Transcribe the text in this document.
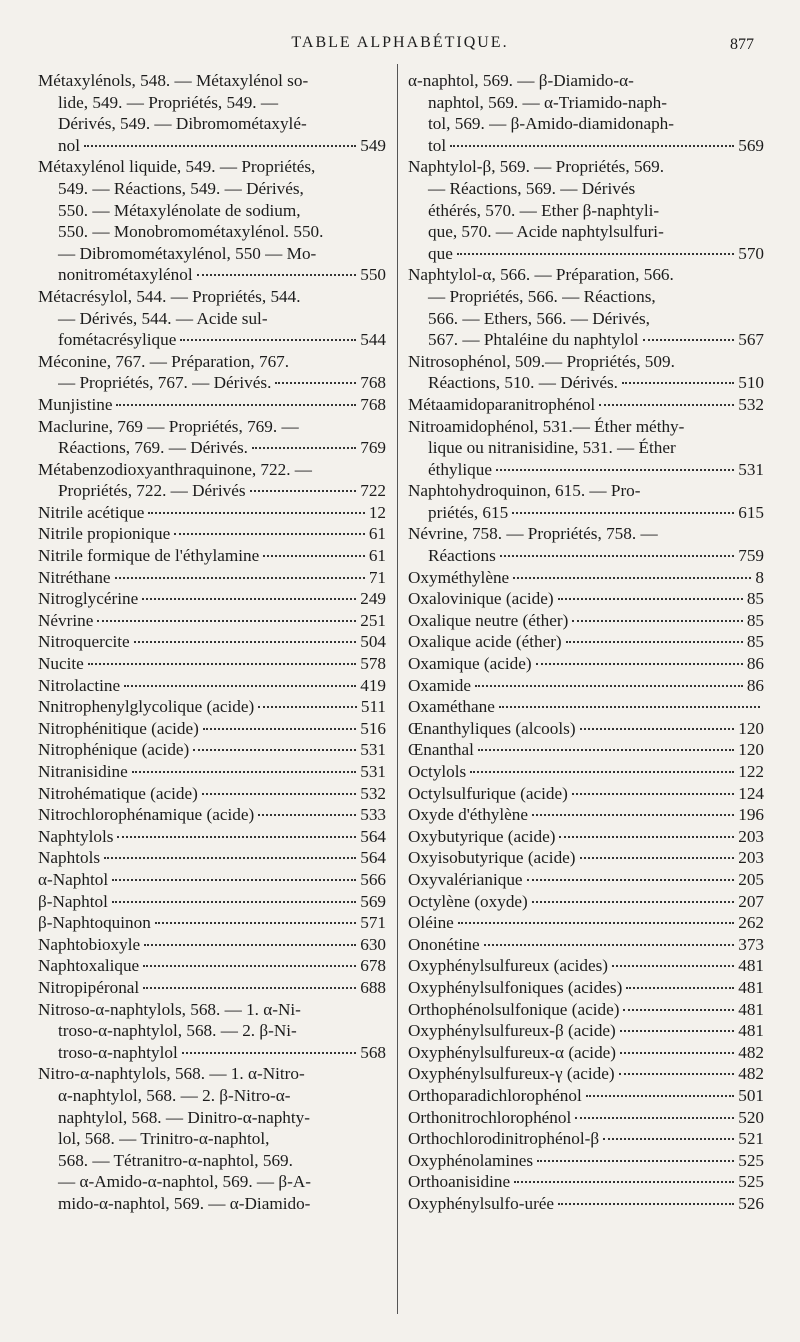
TABLE ALPHABÉTIQUE.	877
Métaxylénols, 548. — Métaxylénol so-
lide, 549. — Propriétés, 549. —
Dérivés, 549. — Dibromométaxylé-
nol	549
Métaxylénol liquide, 549. — Propriétés,
549. — Réactions, 549. — Dérivés,
550. — Métaxylénolate de sodium,
550. — Monobromométaxylénol. 550.
— Dibromométaxylénol, 550 — Mo-
nonitrométaxylénol	550
Métacrésylol, 544. — Propriétés, 544.
— Dérivés, 544. — Acide sul-
fométacrésylique	544
Méconine, 767. — Préparation, 767.
— Propriétés, 767. — Dérivés.	768
Munjistine	768
Maclurine, 769 — Propriétés, 769. —
Réactions, 769. — Dérivés.	769
Métabenzodioxyanthraquinone, 722. —
Propriétés, 722. — Dérivés	722
Nitrile acétique	12
Nitrile propionique	61
Nitrile formique de l'éthylamine	61
Nitréthane	71
Nitroglycérine	249
Névrine	251
Nitroquercite	504
Nucite	578
Nitrolactine	419
Nnitrophenylglycolique (acide)	511
Nitrophénitique (acide)	516
Nitrophénique (acide)	531
Nitranisidine	531
Nitrohématique (acide)	532
Nitrochlorophénamique (acide)	533
Naphtylols	564
Naphtols	564
α-Naphtol	566
β-Naphtol	569
β-Naphtoquinon	571
Naphtobioxyle	630
Naphtoxalique	678
Nitropipéronal	688
Nitroso-α-naphtylols, 568. — 1. α-Ni-
troso-α-naphtylol, 568. — 2. β-Ni-
troso-α-naphtylol	568
Nitro-α-naphtylols, 568. — 1. α-Nitro-
α-naphtylol, 568. — 2. β-Nitro-α-
naphtylol, 568. — Dinitro-α-naphty-
lol, 568. — Trinitro-α-naphtol,
568. — Tétranitro-α-naphtol, 569.
— α-Amido-α-naphtol, 569. — β-A-
mido-α-naphtol, 569. — α-Diamido-
α-naphtol, 569. — β-Diamido-α-
naphtol, 569. — α-Triamido-naph-
tol, 569. — β-Amido-diamidonaph-
tol	569
Naphtylol-β, 569. — Propriétés, 569.
— Réactions, 569. — Dérivés
éthérés, 570. — Ether β-naphtyli-
que, 570. — Acide naphtylsulfuri-
que	570
Naphtylol-α, 566. — Préparation, 566.
— Propriétés, 566. — Réactions,
566. — Ethers, 566. — Dérivés,
567. — Phtaléine du naphtylol	567
Nitrosophénol, 509.— Propriétés, 509.
Réactions, 510. — Dérivés.	510
Métaamidoparanitrophénol	532
Nitroamidophénol, 531.— Éther méthy-
lique ou nitranisidine, 531. — Éther
éthylique	531
Naphtohydroquinon, 615. — Pro-
priétés, 615	615
Névrine, 758. — Propriétés, 758. —
Réactions	759
Oxyméthylène	8
Oxalovinique (acide)	85
Oxalique neutre (éther)	85
Oxalique acide (éther)	85
Oxamique (acide)	86
Oxamide	86
Oxaméthane
Œnanthyliques (alcools)	120
Œnanthal	120
Octylols	122
Octylsulfurique (acide)	124
Oxyde d'éthylène	196
Oxybutyrique (acide)	203
Oxyisobutyrique (acide)	203
Oxyvalérianique	205
Octylène (oxyde)	207
Oléine	262
Ononétine	373
Oxyphénylsulfureux (acides)	481
Oxyphénylsulfoniques (acides)	481
Orthophénolsulfonique (acide)	481
Oxyphénylsulfureux-β (acide)	481
Oxyphénylsulfureux-α (acide)	482
Oxyphénylsulfureux-γ (acide)	482
Orthoparadichlorophénol	501
Orthonitrochlorophénol	520
Orthochlorodinitrophénol-β	521
Oxyphénolamines	525
Orthoanisidine	525
Oxyphénylsulfo-urée	526
